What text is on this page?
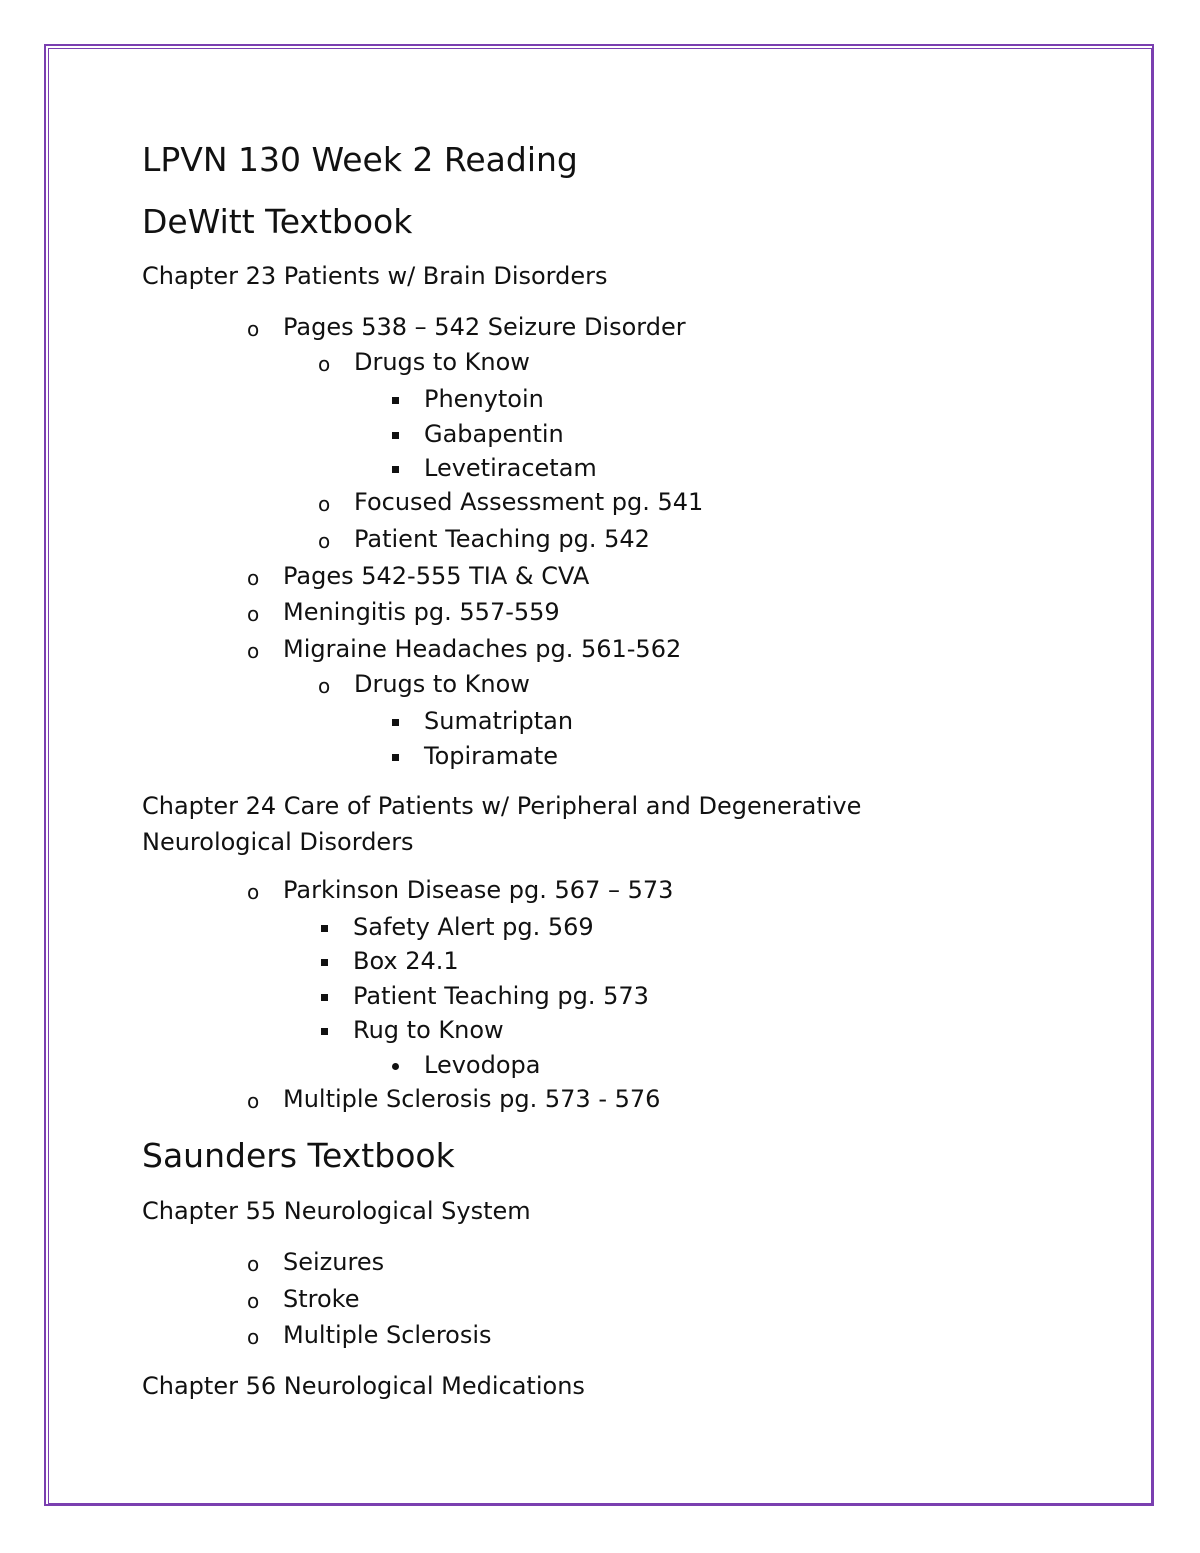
LPVN 130 Week 2 Reading
DeWitt Textbook
Chapter 23 Patients w/ Brain Disorders
o Pages 538 – 542 Seizure Disorder
o Drugs to Know
Phenytoin
Gabapentin
Levetiracetam
o Focused Assessment pg. 541
o Patient Teaching pg. 542
o Pages 542-555 TIA & CVA
o Meningitis pg. 557-559
o Migraine Headaches pg. 561-562
o Drugs to Know
Sumatriptan
Topiramate
Chapter 24 Care of Patients w/ Peripheral and Degenerative
Neurological Disorders
o Parkinson Disease pg. 567 – 573
Safety Alert pg. 569
Box 24.1
Patient Teaching pg. 573
Rug to Know
Levodopa
o Multiple Sclerosis pg. 573 - 576
Saunders Textbook
Chapter 55 Neurological System
o Seizures
o Stroke
o Multiple Sclerosis
Chapter 56 Neurological Medications
